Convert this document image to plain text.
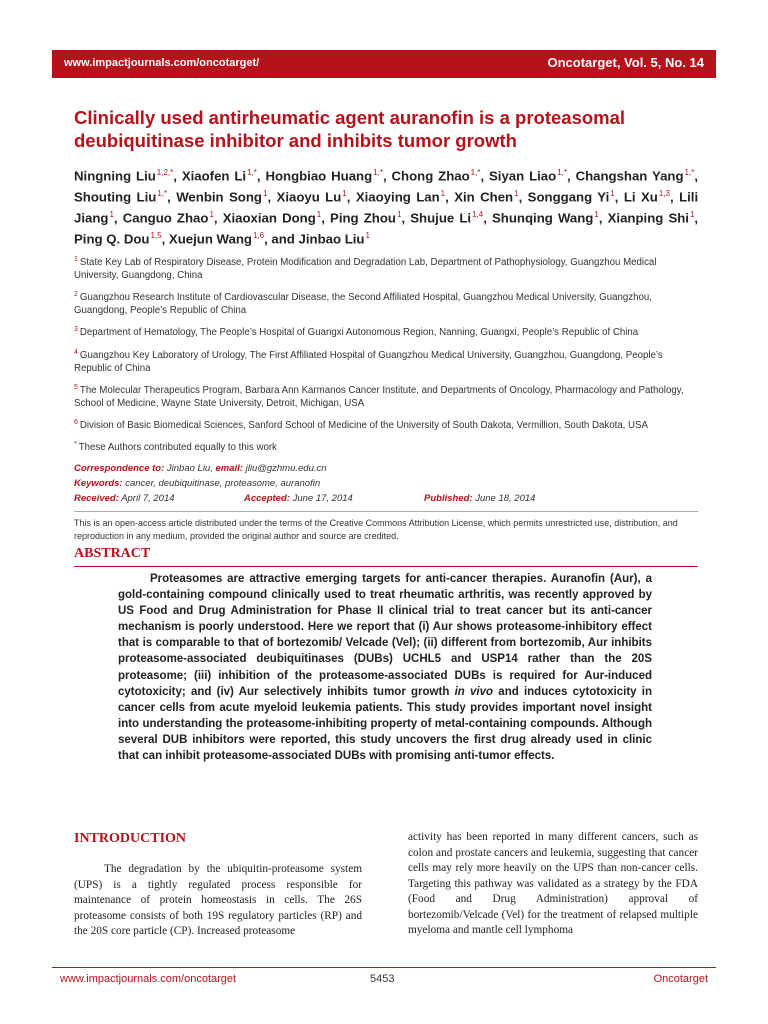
www.impactjournals.com/oncotarget/	Oncotarget, Vol. 5, No. 14
Clinically used antirheumatic agent auranofin is a proteasomal deubiquitinase inhibitor and inhibits tumor growth
Ningning Liu$^{1,2,*}$, Xiaofen $Li^{1,*}$, Hongbiao Huang$^{1,*}$, Chong Zhao$^{1,*}$, Siyan Liao$^{1,*}$, Changshan Yang$^{1,*}$, Shouting Liu$^{1,*}$, Wenbin Song$^1$, Xiaoyu Lu$^1$, Xiaoying Lan$^1$, Xin Chen$^1$, Songgang Yi$^1$, Li Xu$^{1,3}$, Lili Jiang$^1$, Canguo Zhao$^1$, Xiaoxian Dong$^1$, Ping Zhou$^1$, Shujue Li$^{1,4}$, Shunqing Wang$^1$, Xianping Shi$^1$, Ping Q. Dou$^{1,5}$, Xuejun Wang$^{1,6}$, and Jinbao Liu$^1$
$^1$ State Key Lab of Respiratory Disease, Protein Modification and Degradation Lab, Department of Pathophysiology, Guangzhou Medical University, Guangdong, China
$^2$ Guangzhou Research Institute of Cardiovascular Disease, the Second Affiliated Hospital, Guangzhou Medical University, Guangzhou, Guangdong, People’s Republic of China
$^3$ Department of Hematology, The People’s Hospital of Guangxi Autonomous Region, Nanning, Guangxi, People’s Republic of China
$^4$ Guangzhou Key Laboratory of Urology, The First Affiliated Hospital of Guangzhou Medical University, Guangzhou, Guangdong, People’s Republic of China
$^5$ The Molecular Therapeutics Program, Barbara Ann Karmanos Cancer Institute, and Departments of Oncology, Pharmacology and Pathology, School of Medicine, Wayne State University, Detroit, Michigan, USA
$^6$ Division of Basic Biomedical Sciences, Sanford School of Medicine of the University of South Dakota, Vermillion, South Dakota, USA
* These Authors contributed equally to this work
Correspondence to: Jinbao Liu, email: jliu@gzhmu.edu.cn
Keywords: cancer, deubiquitinase, proteasome, auranofin
Received: April 7, 2014	Accepted: June 17, 2014	Published: June 18, 2014
This is an open-access article distributed under the terms of the Creative Commons Attribution License, which permits unrestricted use, distribution, and reproduction in any medium, provided the original author and source are credited.
ABSTRACT
Proteasomes are attractive emerging targets for anti-cancer therapies. Auranofin (Aur), a gold-containing compound clinically used to treat rheumatic arthritis, was recently approved by US Food and Drug Administration for Phase II clinical trial to treat cancer but its anti-cancer mechanism is poorly understood. Here we report that (i) Aur shows proteasome-inhibitory effect that is comparable to that of bortezomib/ Velcade (Vel); (ii) different from bortezomib, Aur inhibits proteasome-associated deubiquitinases (DUBs) UCHL5 and USP14 rather than the 20S proteasome; (iii) inhibition of the proteasome-associated DUBs is required for Aur-induced cytotoxicity; and (iv) Aur selectively inhibits tumor growth in vivo and induces cytotoxicity in cancer cells from acute myeloid leukemia patients. This study provides important novel insight into understanding the proteasome-inhibiting property of metal-containing compounds. Although several DUB inhibitors were reported, this study uncovers the first drug already used in clinic that can inhibit proteasome-associated DUBs with promising anti-tumor effects.
INTRODUCTION
The degradation by the ubiquitin-proteasome system (UPS) is a tightly regulated process responsible for maintenance of protein homeostasis in cells. The 26S proteasome consists of both 19S regulatory particles (RP) and the 20S core particle (CP). Increased proteasome
activity has been reported in many different cancers, such as colon and prostate cancers and leukemia, suggesting that cancer cells may rely more heavily on the UPS than non-cancer cells. Targeting this pathway was validated as a strategy by the FDA (Food and Drug Administration) approval of bortezomib/Velcade (Vel) for the treatment of relapsed multiple myeloma and mantle cell lymphoma
www.impactjournals.com/oncotarget	5453	Oncotarget
